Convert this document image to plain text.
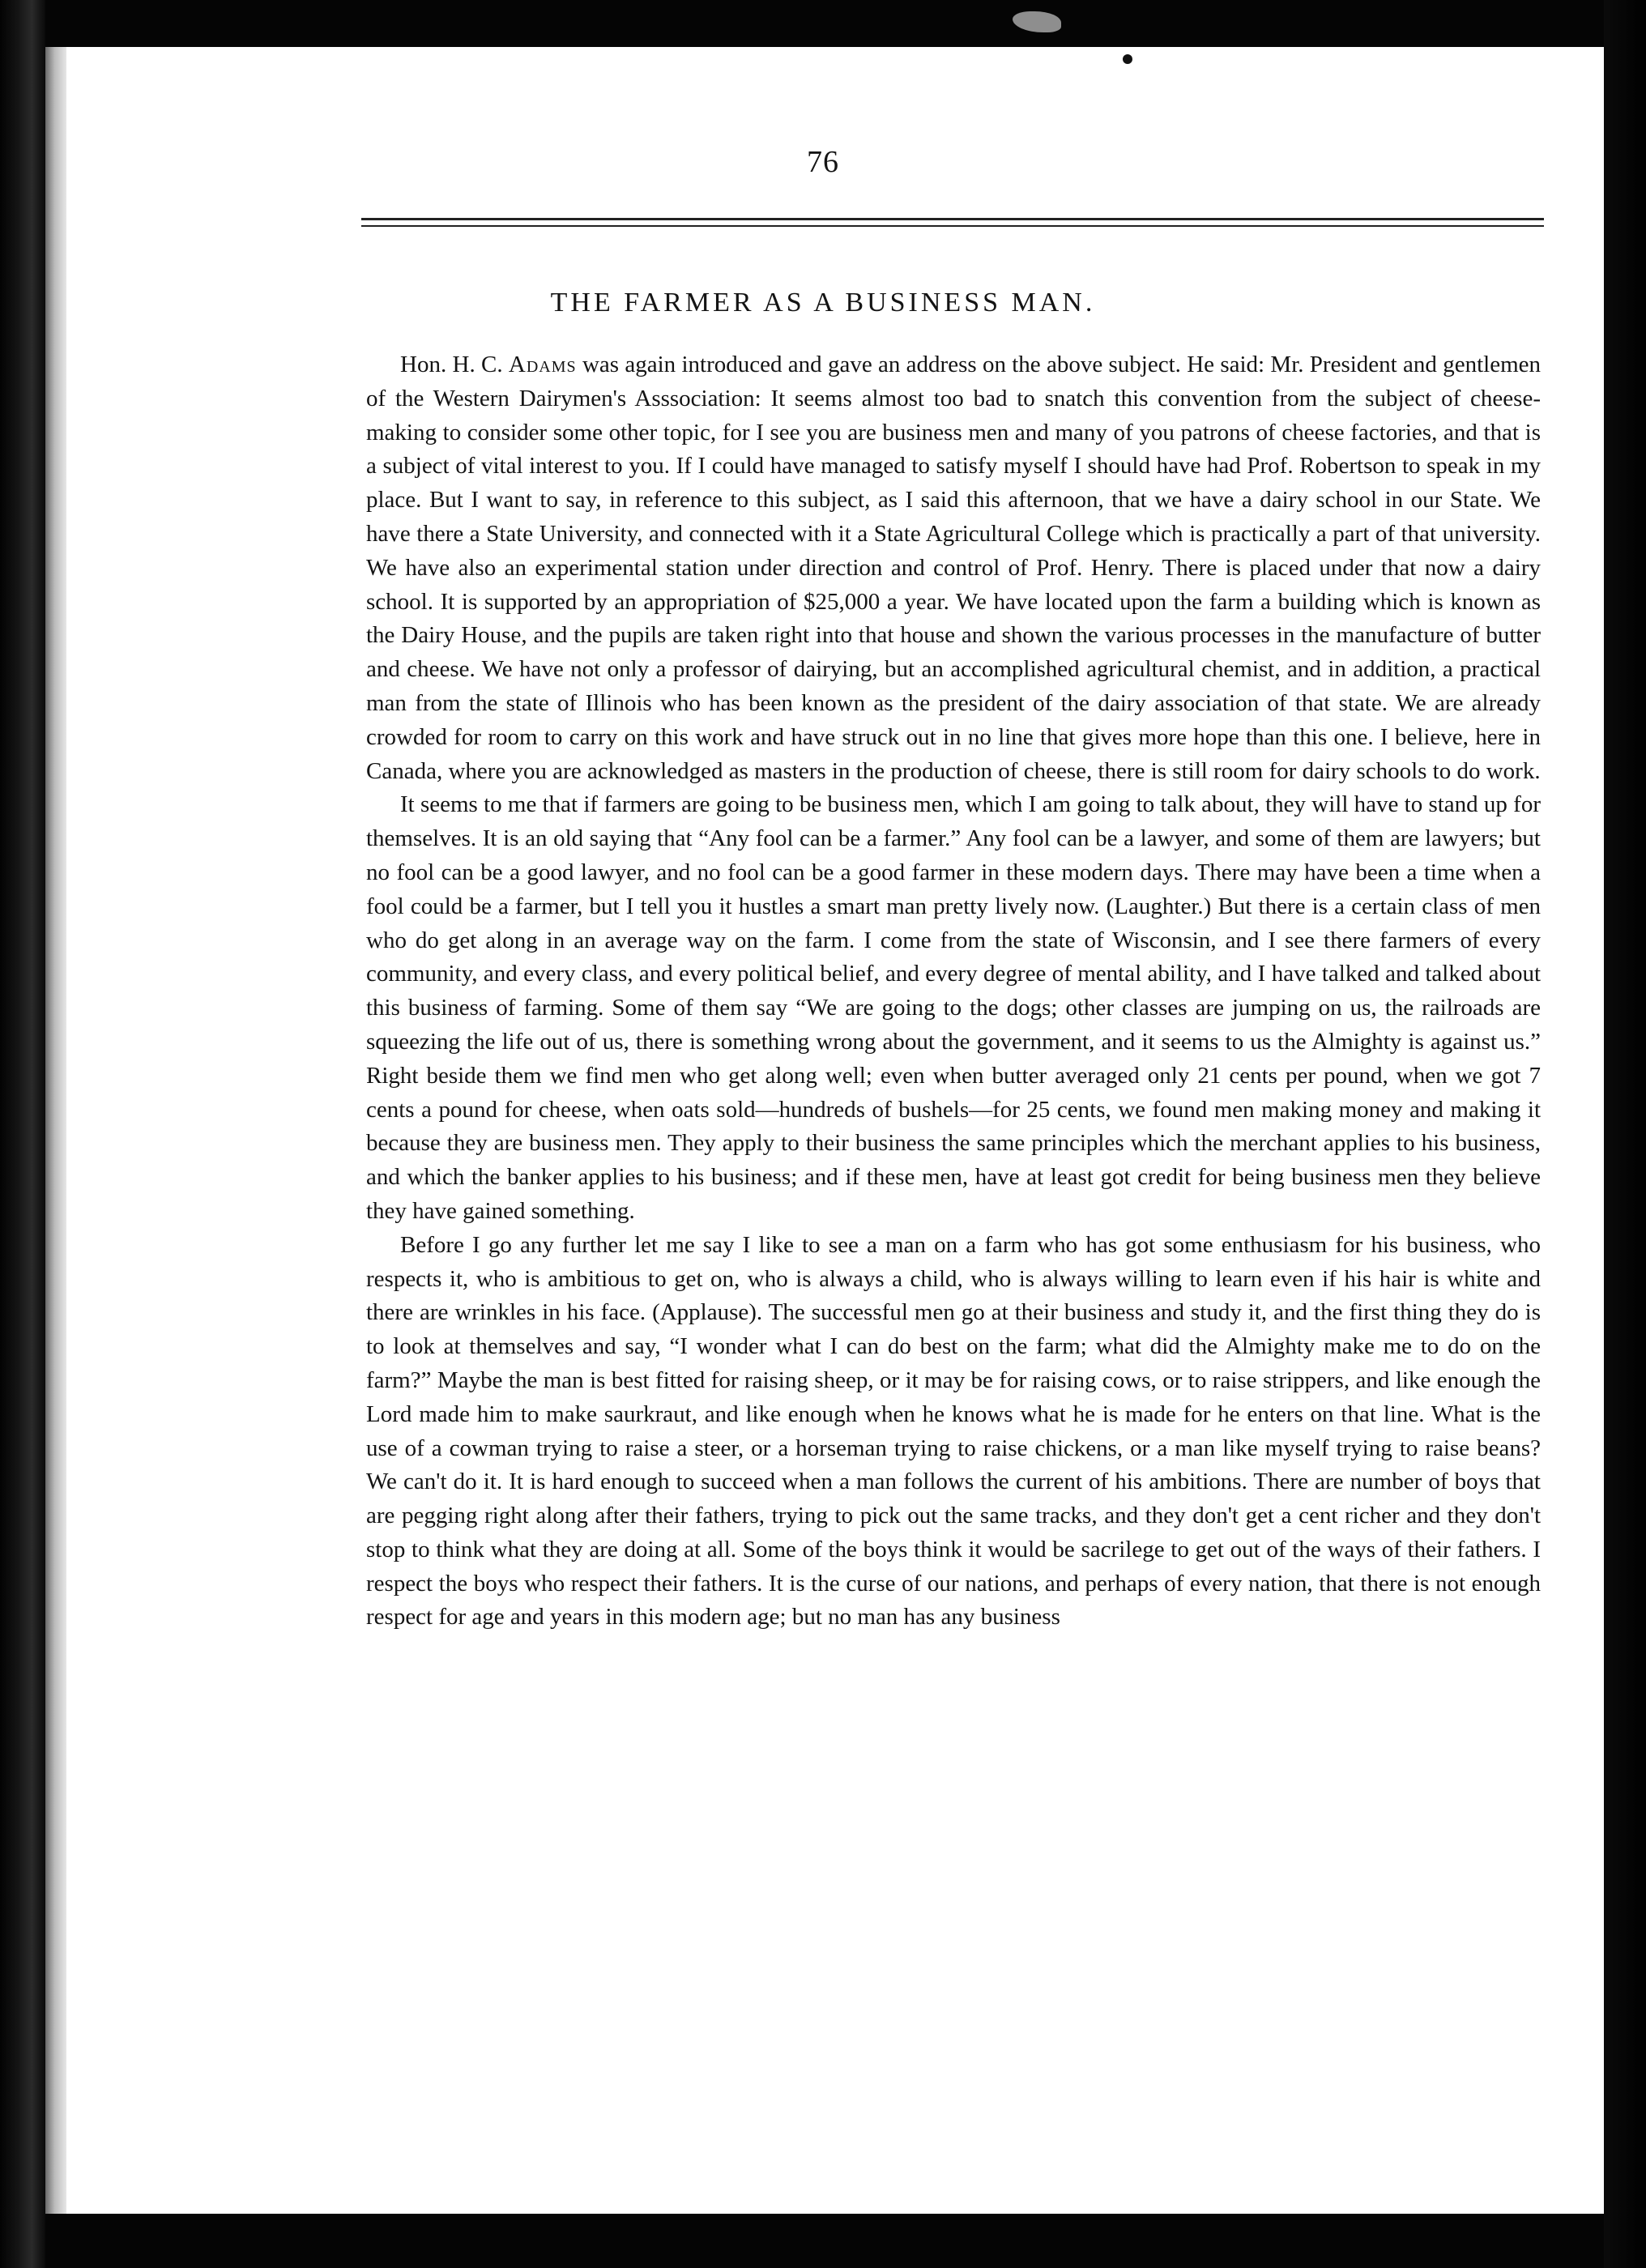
76
THE FARMER AS A BUSINESS MAN.

Hon. H. C. Adams was again introduced and gave an address on the above subject. He said: Mr. President and gentlemen of the Western Dairymen's Asssociation: It seems almost too bad to snatch this convention from the subject of cheese-making to consider some other topic, for I see you are business men and many of you patrons of cheese factories, and that is a subject of vital interest to you. If I could have managed to satisfy myself I should have had Prof. Robertson to speak in my place. But I want to say, in reference to this subject, as I said this afternoon, that we have a dairy school in our State. We have there a State University, and connected with it a State Agricultural College which is practically a part of that university. We have also an experimental station under direction and control of Prof. Henry. There is placed under that now a dairy school. It is supported by an appropriation of $25,000 a year. We have located upon the farm a building which is known as the Dairy House, and the pupils are taken right into that house and shown the various processes in the manufacture of butter and cheese. We have not only a professor of dairying, but an accomplished agricultural chemist, and in addition, a practical man from the state of Illinois who has been known as the president of the dairy association of that state. We are already crowded for room to carry on this work and have struck out in no line that gives more hope than this one. I believe, here in Canada, where you are acknowledged as masters in the production of cheese, there is still room for dairy schools to do work.

It seems to me that if farmers are going to be business men, which I am going to talk about, they will have to stand up for themselves. It is an old saying that “Any fool can be a farmer.” Any fool can be a lawyer, and some of them are lawyers; but no fool can be a good lawyer, and no fool can be a good farmer in these modern days. There may have been a time when a fool could be a farmer, but I tell you it hustles a smart man pretty lively now. (Laughter.) But there is a certain class of men who do get along in an average way on the farm. I come from the state of Wisconsin, and I see there farmers of every community, and every class, and every political belief, and every degree of mental ability, and I have talked and talked about this business of farming. Some of them say “We are going to the dogs; other classes are jumping on us, the railroads are squeezing the life out of us, there is something wrong about the government, and it seems to us the Almighty is against us.” Right beside them we find men who get along well; even when butter averaged only 21 cents per pound, when we got 7 cents a pound for cheese, when oats sold—hundreds of bushels—for 25 cents, we found men making money and making it because they are business men. They apply to their business the same principles which the merchant applies to his business, and which the banker applies to his business; and if these men, have at least got credit for being business men they believe they have gained something.

Before I go any further let me say I like to see a man on a farm who has got some enthusiasm for his business, who respects it, who is ambitious to get on, who is always a child, who is always willing to learn even if his hair is white and there are wrinkles in his face. (Applause). The successful men go at their business and study it, and the first thing they do is to look at themselves and say, “I wonder what I can do best on the farm; what did the Almighty make me to do on the farm?” Maybe the man is best fitted for raising sheep, or it may be for raising cows, or to raise strippers, and like enough the Lord made him to make saurkraut, and like enough when he knows what he is made for he enters on that line. What is the use of a cowman trying to raise a steer, or a horseman trying to raise chickens, or a man like myself trying to raise beans? We can't do it. It is hard enough to succeed when a man follows the current of his ambitions. There are number of boys that are pegging right along after their fathers, trying to pick out the same tracks, and they don't get a cent richer and they don't stop to think what they are doing at all. Some of the boys think it would be sacrilege to get out of the ways of their fathers. I respect the boys who respect their fathers. It is the curse of our nations, and perhaps of every nation, that there is not enough respect for age and years in this modern age; but no man has any business
